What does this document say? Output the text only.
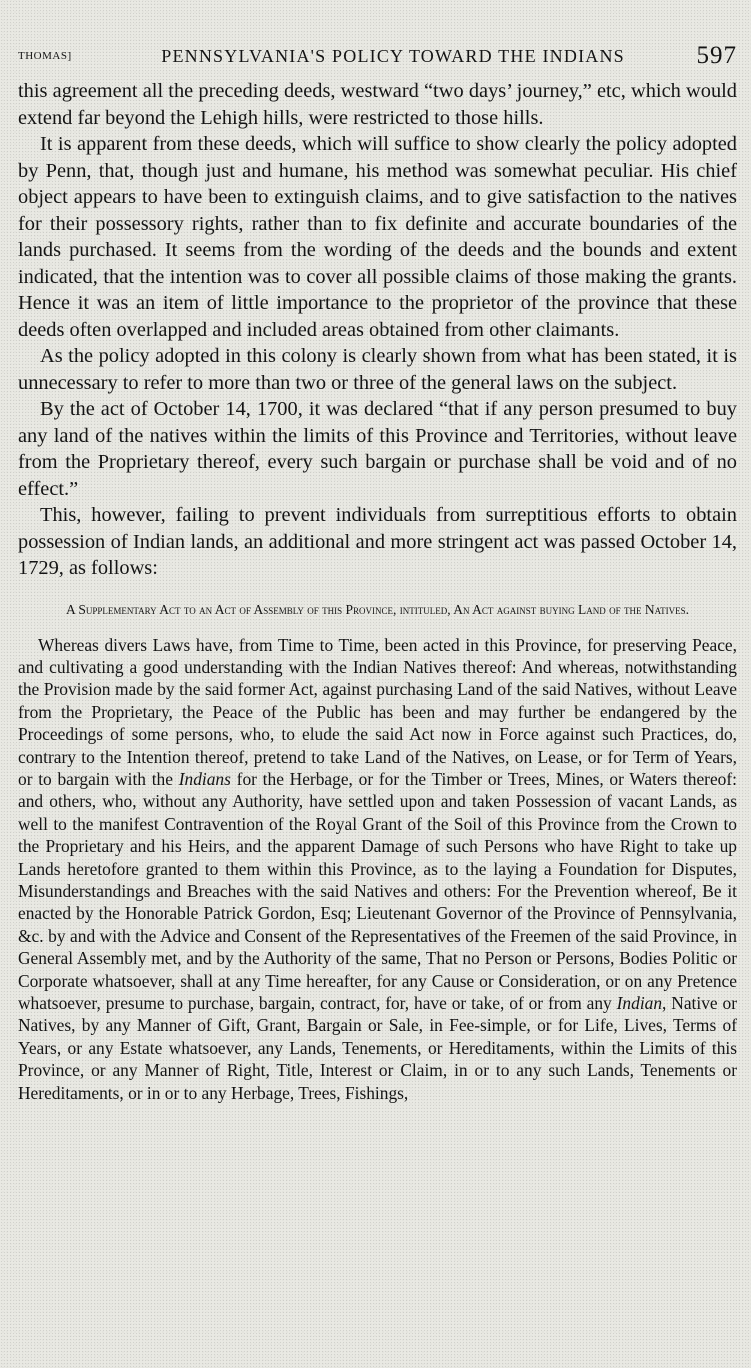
THOMAS]	PENNSYLVANIA'S POLICY TOWARD THE INDIANS	597

this agreement all the preceding deeds, westward “two days’ journey,” etc, which would extend far beyond the Lehigh hills, were restricted to those hills.

It is apparent from these deeds, which will suffice to show clearly the policy adopted by Penn, that, though just and humane, his method was somewhat peculiar. His chief object appears to have been to extinguish claims, and to give satisfaction to the natives for their possessory rights, rather than to fix definite and accurate boundaries of the lands purchased. It seems from the wording of the deeds and the bounds and extent indicated, that the intention was to cover all possible claims of those making the grants. Hence it was an item of little importance to the proprietor of the province that these deeds often overlapped and included areas obtained from other claimants.

As the policy adopted in this colony is clearly shown from what has been stated, it is unnecessary to refer to more than two or three of the general laws on the subject.

By the act of October 14, 1700, it was declared “that if any person presumed to buy any land of the natives within the limits of this Province and Territories, without leave from the Proprietary thereof, every such bargain or purchase shall be void and of no effect.”

This, however, failing to prevent individuals from surreptitious efforts to obtain possession of Indian lands, an additional and more stringent act was passed October 14, 1729, as follows:

A Supplementary Act to an Act of Assembly of this Province, intituled, An Act against buying Land of the Natives.

Whereas divers Laws have, from Time to Time, been acted in this Province, for preserving Peace, and cultivating a good understanding with the Indian Natives thereof: And whereas, notwithstanding the Provision made by the said former Act, against purchasing Land of the said Natives, without Leave from the Proprietary, the Peace of the Public has been and may further be endangered by the Proceedings of some persons, who, to elude the said Act now in Force against such Practices, do, contrary to the Intention thereof, pretend to take Land of the Natives, on Lease, or for Term of Years, or to bargain with the Indians for the Herbage, or for the Timber or Trees, Mines, or Waters thereof: and others, who, without any Authority, have settled upon and taken Possession of vacant Lands, as well to the manifest Contravention of the Royal Grant of the Soil of this Province from the Crown to the Proprietary and his Heirs, and the apparent Damage of such Persons who have Right to take up Lands heretofore granted to them within this Province, as to the laying a Foundation for Disputes, Misunderstandings and Breaches with the said Natives and others: For the Prevention whereof, Be it enacted by the Honorable Patrick Gordon, Esq; Lieutenant Governor of the Province of Pennsylvania, &c. by and with the Advice and Consent of the Representatives of the Freemen of the said Province, in General Assembly met, and by the Authority of the same, That no Person or Persons, Bodies Politic or Corporate whatsoever, shall at any Time hereafter, for any Cause or Consideration, or on any Pretence whatsoever, presume to purchase, bargain, contract, for, have or take, of or from any Indian, Native or Natives, by any Manner of Gift, Grant, Bargain or Sale, in Fee-simple, or for Life, Lives, Terms of Years, or any Estate whatsoever, any Lands, Tenements, or Hereditaments, within the Limits of this Province, or any Manner of Right, Title, Interest or Claim, in or to any such Lands, Tenements or Hereditaments, or in or to any Herbage, Trees, Fishings,
